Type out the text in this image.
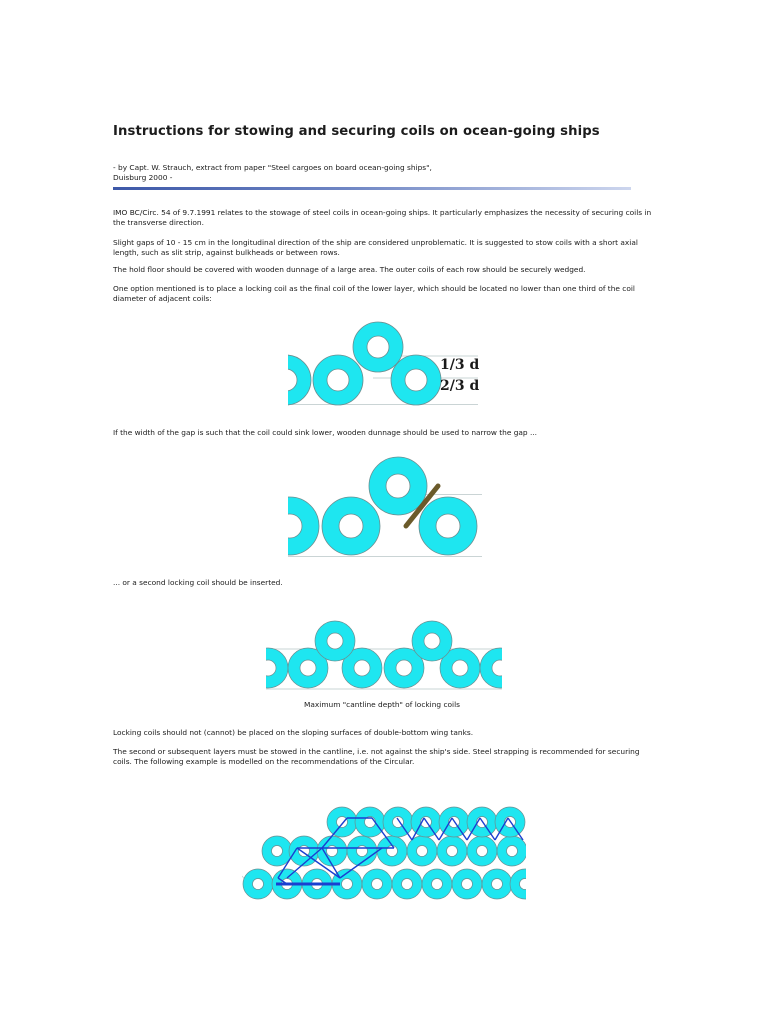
Instructions for stowing and securing coils on ocean-going ships
- by Capt. W. Strauch, extract from paper "Steel cargoes on board ocean-going ships",
Duisburg 2000 -

IMO BC/Circ. 54 of 9.7.1991 relates to the stowage of steel coils in ocean-going ships. It particularly emphasizes the necessity of securing coils in the transverse direction.

Slight gaps of 10 - 15 cm in the longitudinal direction of the ship are considered unproblematic. It is suggested to stow coils with a short axial length, such as slit strip, against bulkheads or between rows.

The hold floor should be covered with wooden dunnage of a large area. The outer coils of each row should be securely wedged.

One option mentioned is to place a locking coil as the final coil of the lower layer, which should be located no lower than one third of the coil diameter of adjacent coils:

1/3 d
2/3 d

If the width of the gap is such that the coil could sink lower, wooden dunnage should be used to narrow the gap ...

... or a second locking coil should be inserted.

Maximum "cantline depth" of locking coils

Locking coils should not (cannot) be placed on the sloping surfaces of double-bottom wing tanks.

The second or subsequent layers must be stowed in the cantline, i.e. not against the ship's side. Steel strapping is recommended for securing coils. The following example is modelled on the recommendations of the Circular.
